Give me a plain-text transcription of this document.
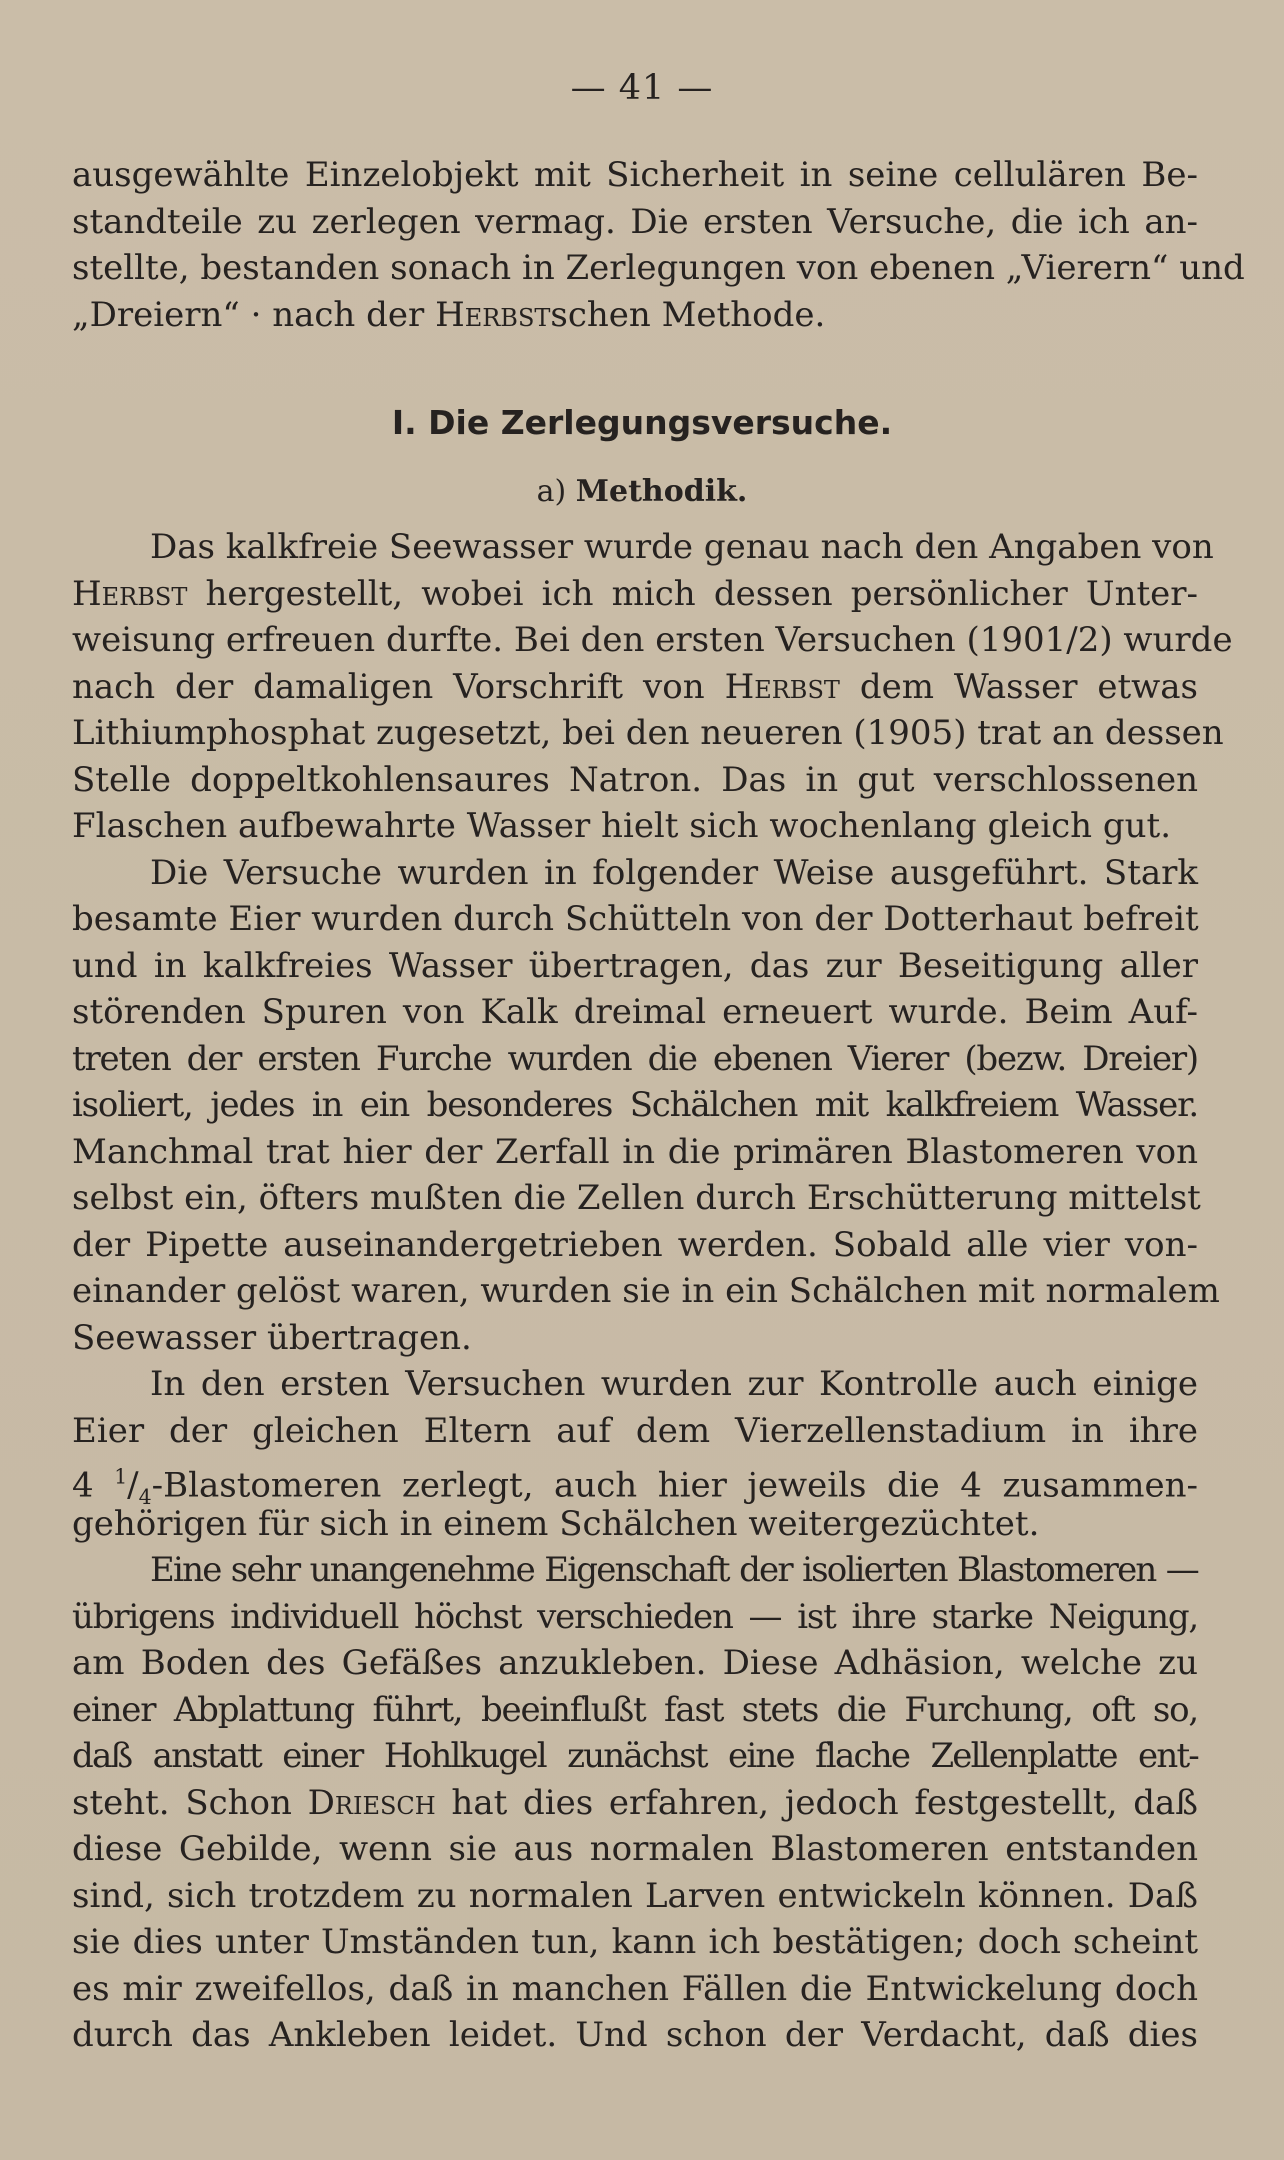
— 41 —
ausgewählte Einzelobjekt mit Sicherheit in seine cellulären Be-
standteile zu zerlegen vermag. Die ersten Versuche, die ich an-
stellte, bestanden sonach in Zerlegungen von ebenen „Vierern“ und
„Dreiern“ · nach der Herbstschen Methode.
I. Die Zerlegungsversuche.
a) Methodik.
Das kalkfreie Seewasser wurde genau nach den Angaben von
Herbst hergestellt, wobei ich mich dessen persönlicher Unter-
weisung erfreuen durfte. Bei den ersten Versuchen (1901/2) wurde
nach der damaligen Vorschrift von Herbst dem Wasser etwas
Lithiumphosphat zugesetzt, bei den neueren (1905) trat an dessen
Stelle doppeltkohlensaures Natron. Das in gut verschlossenen
Flaschen aufbewahrte Wasser hielt sich wochenlang gleich gut.
Die Versuche wurden in folgender Weise ausgeführt. Stark
besamte Eier wurden durch Schütteln von der Dotterhaut befreit
und in kalkfreies Wasser übertragen, das zur Beseitigung aller
störenden Spuren von Kalk dreimal erneuert wurde. Beim Auf-
treten der ersten Furche wurden die ebenen Vierer (bezw. Dreier)
isoliert, jedes in ein besonderes Schälchen mit kalkfreiem Wasser.
Manchmal trat hier der Zerfall in die primären Blastomeren von
selbst ein, öfters mußten die Zellen durch Erschütterung mittelst
der Pipette auseinandergetrieben werden. Sobald alle vier von-
einander gelöst waren, wurden sie in ein Schälchen mit normalem
Seewasser übertragen.
In den ersten Versuchen wurden zur Kontrolle auch einige
Eier der gleichen Eltern auf dem Vierzellenstadium in ihre
4 $^1/_4$-Blastomeren zerlegt, auch hier jeweils die 4 zusammen-
gehörigen für sich in einem Schälchen weitergezüchtet.
Eine sehr unangenehme Eigenschaft der isolierten Blastomeren —
übrigens individuell höchst verschieden — ist ihre starke Neigung,
am Boden des Gefäßes anzukleben. Diese Adhäsion, welche zu
einer Abplattung führt, beeinflußt fast stets die Furchung, oft so,
daß anstatt einer Hohlkugel zunächst eine flache Zellenplatte ent-
steht. Schon Driesch hat dies erfahren, jedoch festgestellt, daß
diese Gebilde, wenn sie aus normalen Blastomeren entstanden
sind, sich trotzdem zu normalen Larven entwickeln können. Daß
sie dies unter Umständen tun, kann ich bestätigen; doch scheint
es mir zweifellos, daß in manchen Fällen die Entwickelung doch
durch das Ankleben leidet. Und schon der Verdacht, daß dies
